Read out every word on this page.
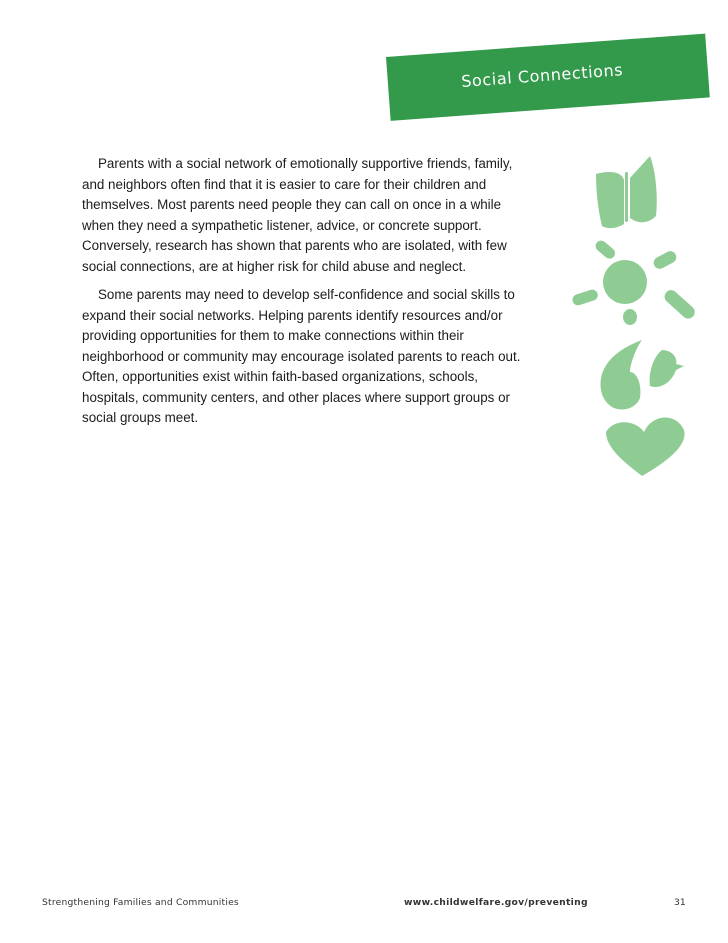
Social Connections

Parents with a social network of emotionally supportive friends, family, and neighbors often find that it is easier to care for their children and themselves. Most parents need people they can call on once in a while when they need a sympathetic listener, advice, or concrete support. Conversely, research has shown that parents who are isolated, with few social connections, are at higher risk for child abuse and neglect.

Some parents may need to develop self-confidence and social skills to expand their social networks. Helping parents identify resources and/or providing opportunities for them to make connections within their neighborhood or community may encourage isolated parents to reach out. Often, opportunities exist within faith-based organizations, schools, hospitals, community centers, and other places where support groups or social groups meet.

Strengthening Families and Communities	www.childwelfare.gov/preventing	31
